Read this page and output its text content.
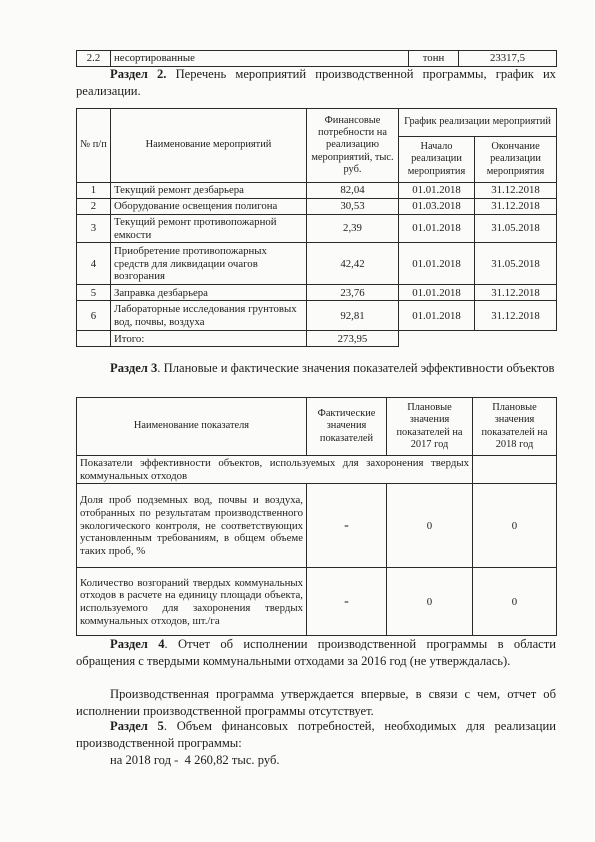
2.2	несортированные	тонн	23317,5
Раздел 2. Перечень мероприятий производственной программы, график их реализации.
№ п/п	Наименование мероприятий	Финансовые потребности на реализацию мероприятий, тыс. руб.	График реализации мероприятий	
			Начало реализации мероприятия	Окончание реализации мероприятия
1	Текущий ремонт дезбарьера	82,04	01.01.2018	31.12.2018
2	Оборудование освещения полигона	30,53	01.03.2018	31.12.2018
3	Текущий ремонт противопожарной емкости	2,39	01.01.2018	31.05.2018
4	Приобретение противопожарных средств для ликвидации очагов возгорания	42,42	01.01.2018	31.05.2018
5	Заправка дезбарьера	23,76	01.01.2018	31.12.2018
6	Лабораторные исследования грунтовых вод, почвы, воздуха	92,81	01.01.2018	31.12.2018
	Итого:	273,95		
Раздел 3. Плановые и фактические значения показателей эффективности объектов
Наименование показателя	Фактические значения показателей	Плановые значения показателей на 2017 год	Плановые значения показателей на 2018 год
Показатели эффективности объектов, используемых для захоронения твердых коммунальных отходов			
Доля проб подземных вод, почвы и воздуха, отобранных по результатам производственного экологического контроля, не соответствующих установленным требованиям, в общем объеме таких проб, %	-	0	0
Количество возгораний твердых коммунальных отходов в расчете на единицу площади объекта, используемого для захоронения твердых коммунальных отходов, шт./га	-	0	0
Раздел 4. Отчет об исполнении производственной программы в области обращения с твердыми коммунальными отходами за 2016 год (не утверждалась).
Производственная программа утверждается впервые, в связи с чем, отчет об исполнении производственной программы отсутствует.
Раздел 5. Объем финансовых потребностей, необходимых для реализации производственной программы:
на 2018 год -  4 260,82 тыс. руб.
